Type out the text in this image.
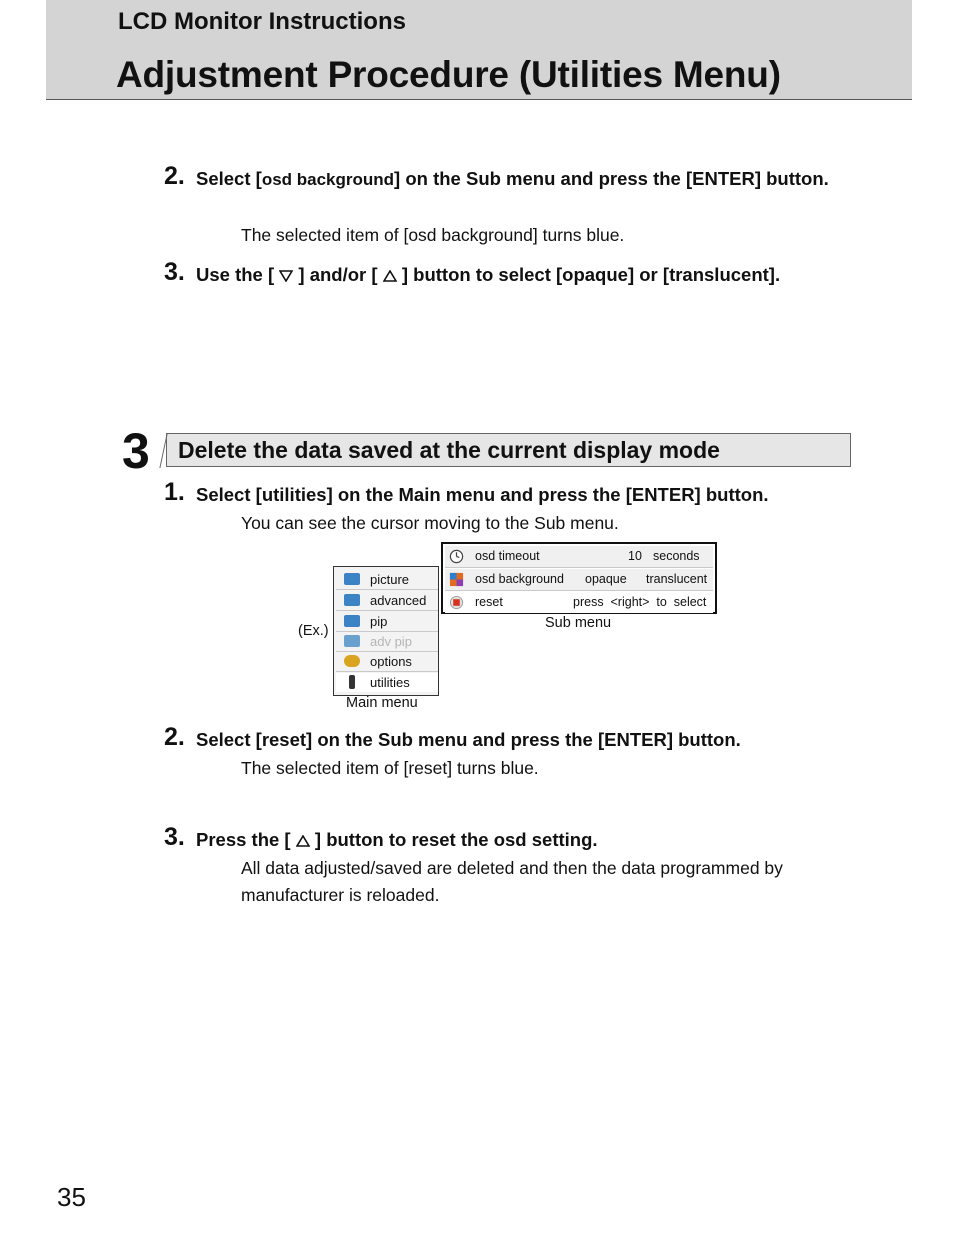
LCD Monitor Instructions
Adjustment Procedure (Utilities Menu)
2. Select [osd background] on the Sub menu and press the [ENTER] button.
The selected item of [osd background] turns blue.
3. Use the [ ] and/or [ ] button to select [opaque] or [translucent].
3 Delete the data saved at the current display mode
1. Select [utilities] on the Main menu and press the [ENTER] button.
You can see the cursor moving to the Sub menu.
(Ex.)
picture
advanced
pip
adv pip
options
utilities
Main menu
osd timeout	10 seconds
osd background opaque translucent
reset	press  <right>  to  select
Sub menu
2. Select [reset] on the Sub menu and press the [ENTER] button.
The selected item of [reset] turns blue.
3. Press the [ ] button to reset the osd setting.
All data adjusted/saved are deleted and then the data programmed by manufacturer is reloaded.
35
